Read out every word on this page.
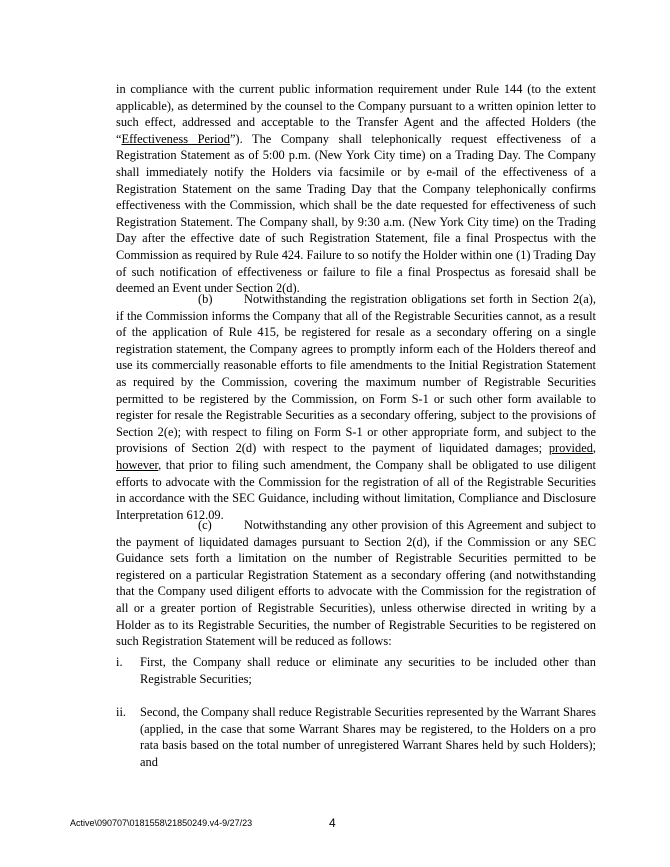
in compliance with the current public information requirement under Rule 144 (to the extent applicable), as determined by the counsel to the Company pursuant to a written opinion letter to such effect, addressed and acceptable to the Transfer Agent and the affected Holders (the “Effectiveness Period”). The Company shall telephonically request effectiveness of a Registration Statement as of 5:00 p.m. (New York City time) on a Trading Day. The Company shall immediately notify the Holders via facsimile or by e-mail of the effectiveness of a Registration Statement on the same Trading Day that the Company telephonically confirms effectiveness with the Commission, which shall be the date requested for effectiveness of such Registration Statement. The Company shall, by 9:30 a.m. (New York City time) on the Trading Day after the effective date of such Registration Statement, file a final Prospectus with the Commission as required by Rule 424. Failure to so notify the Holder within one (1) Trading Day of such notification of effectiveness or failure to file a final Prospectus as foresaid shall be deemed an Event under Section 2(d).

(b)	Notwithstanding the registration obligations set forth in Section 2(a), if the Commission informs the Company that all of the Registrable Securities cannot, as a result of the application of Rule 415, be registered for resale as a secondary offering on a single registration statement, the Company agrees to promptly inform each of the Holders thereof and use its commercially reasonable efforts to file amendments to the Initial Registration Statement as required by the Commission, covering the maximum number of Registrable Securities permitted to be registered by the Commission, on Form S-1 or such other form available to register for resale the Registrable Securities as a secondary offering, subject to the provisions of Section 2(e); with respect to filing on Form S-1 or other appropriate form, and subject to the provisions of Section 2(d) with respect to the payment of liquidated damages; provided, however, that prior to filing such amendment, the Company shall be obligated to use diligent efforts to advocate with the Commission for the registration of all of the Registrable Securities in accordance with the SEC Guidance, including without limitation, Compliance and Disclosure Interpretation 612.09.

(c)	Notwithstanding any other provision of this Agreement and subject to the payment of liquidated damages pursuant to Section 2(d), if the Commission or any SEC Guidance sets forth a limitation on the number of Registrable Securities permitted to be registered on a particular Registration Statement as a secondary offering (and notwithstanding that the Company used diligent efforts to advocate with the Commission for the registration of all or a greater portion of Registrable Securities), unless otherwise directed in writing by a Holder as to its Registrable Securities, the number of Registrable Securities to be registered on such Registration Statement will be reduced as follows:

i.	First, the Company shall reduce or eliminate any securities to be included other than Registrable Securities;
ii.	Second, the Company shall reduce Registrable Securities represented by the Warrant Shares (applied, in the case that some Warrant Shares may be registered, to the Holders on a pro rata basis based on the total number of unregistered Warrant Shares held by such Holders); and
Active\090707\0181558\21850249.v4-9/27/23	4
